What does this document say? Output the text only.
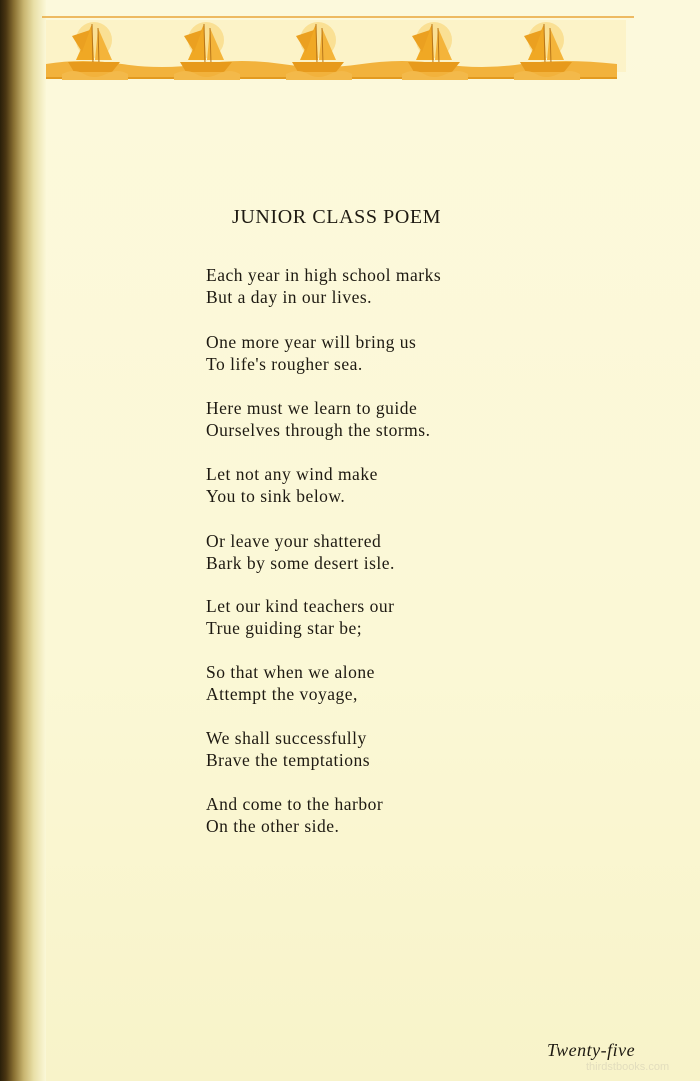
JUNIOR CLASS POEM

Each year in high school marks
But a day in our lives.

One more year will bring us
To life's rougher sea.

Here must we learn to guide
Ourselves through the storms.

Let not any wind make
You to sink below.

Or leave your shattered
Bark by some desert isle.

Let our kind teachers our
True guiding star be;

So that when we alone
Attempt the voyage,

We shall successfully
Brave the temptations

And come to the harbor
On the other side.

Twenty-five
thirdstbooks.com
